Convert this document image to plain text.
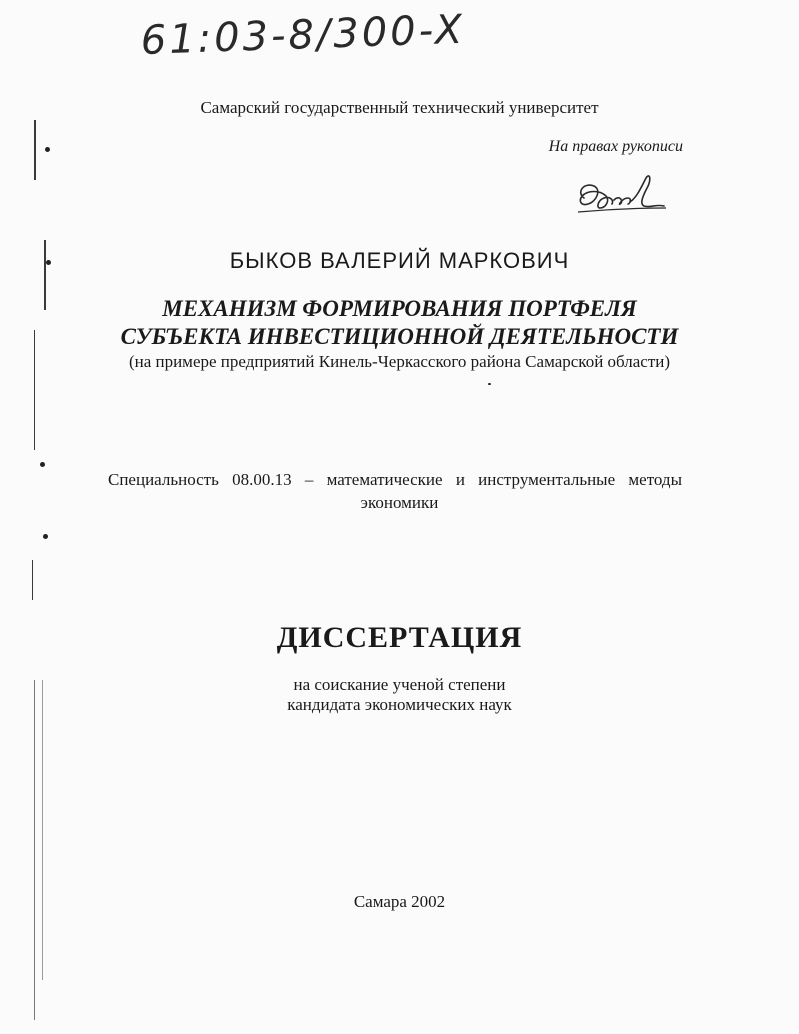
61:03-8/300-X
Самарский государственный технический университет
На правах рукописи
БЫКОВ ВАЛЕРИЙ МАРКОВИЧ
МЕХАНИЗМ ФОРМИРОВАНИЯ ПОРТФЕЛЯ
СУБЪЕКТА ИНВЕСТИЦИОННОЙ ДЕЯТЕЛЬНОСТИ
(на примере предприятий Кинель-Черкасского района Самарской области)
Специальность 08.00.13 – математические и инструментальные методы
экономики
ДИССЕРТАЦИЯ
на соискание ученой степени
кандидата экономических наук
Самара 2002
